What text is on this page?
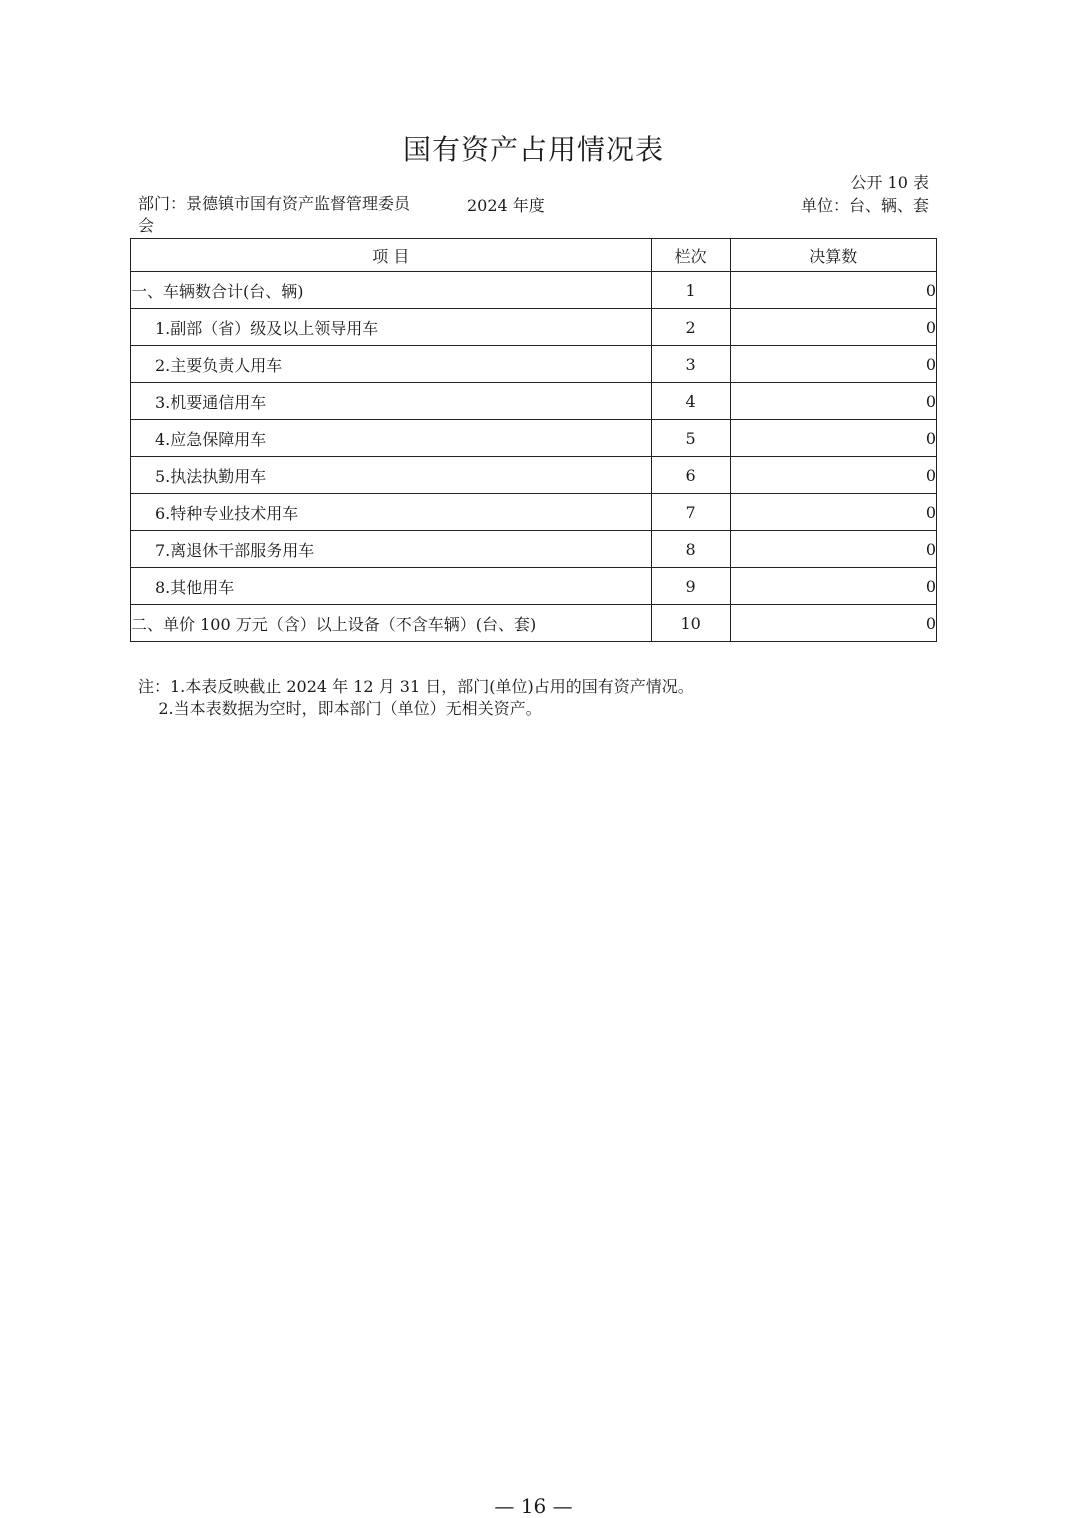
国有资产占用情况表
公开 10 表
部门：景德镇市国有资产监督管理委员会
2024 年度	单位：台、辆、套
项 目	栏次	决算数
一、车辆数合计(台、辆)	1	0
1.副部（省）级及以上领导用车	2	0
2.主要负责人用车	3	0
3.机要通信用车	4	0
4.应急保障用车	5	0
5.执法执勤用车	6	0
6.特种专业技术用车	7	0
7.离退休干部服务用车	8	0
8.其他用车	9	0
二、单价 100 万元（含）以上设备（不含车辆）(台、套)	10	0
注：1.本表反映截止 2024 年 12 月 31 日，部门(单位)占用的国有资产情况。
2.当本表数据为空时，即本部门（单位）无相关资产。
— 16 —
